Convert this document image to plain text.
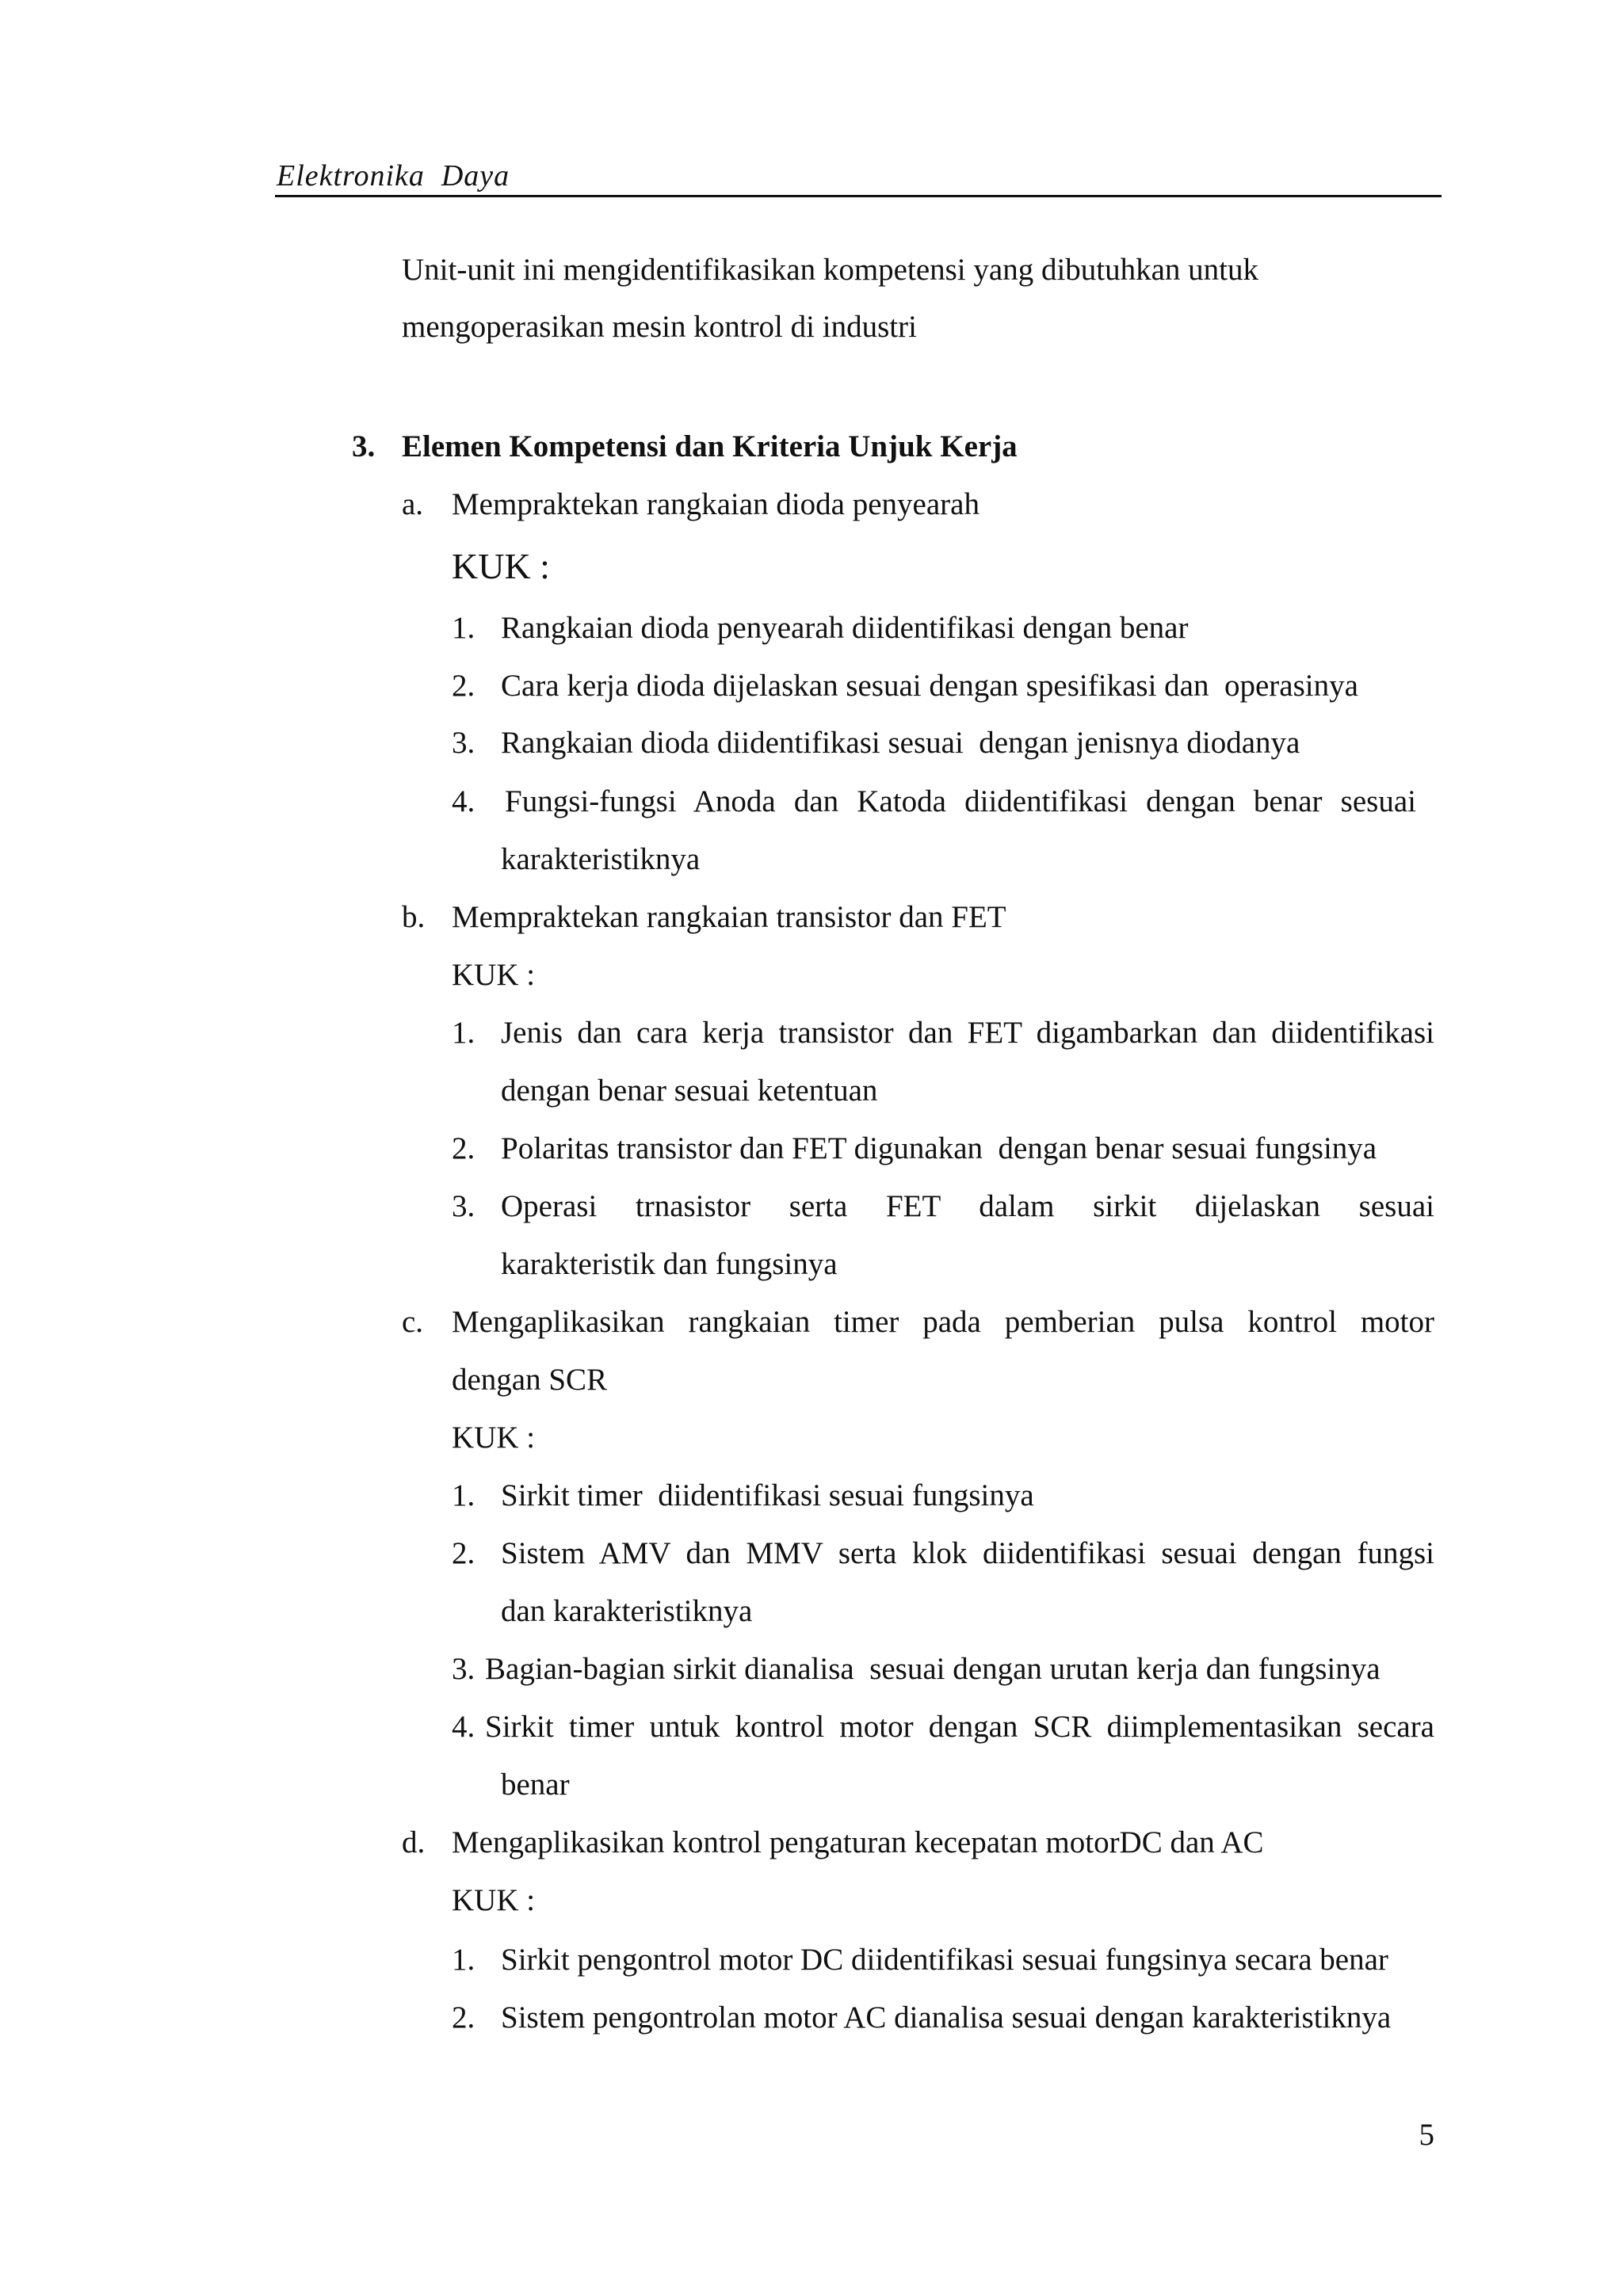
Elektronika  Daya
Unit-unit ini mengidentifikasikan kompetensi yang dibutuhkan untuk
mengoperasikan mesin kontrol di industri
3. Elemen Kompetensi dan Kriteria Unjuk Kerja
a. Mempraktekan rangkaian dioda penyearah
KUK :
1. Rangkaian dioda penyearah diidentifikasi dengan benar
2. Cara kerja dioda dijelaskan sesuai dengan spesifikasi dan  operasinya
3. Rangkaian dioda diidentifikasi sesuai  dengan jenisnya diodanya
4. Fungsi-fungsi Anoda dan Katoda diidentifikasi dengan benar sesuai
karakteristiknya
b. Mempraktekan rangkaian transistor dan FET
KUK :
1. Jenis dan cara kerja transistor dan FET digambarkan dan diidentifikasi
dengan benar sesuai ketentuan
2. Polaritas transistor dan FET digunakan  dengan benar sesuai fungsinya
3. Operasi trnasistor serta FET dalam sirkit dijelaskan sesuai
karakteristik dan fungsinya
c. Mengaplikasikan rangkaian timer pada pemberian pulsa kontrol motor
dengan SCR
KUK :
1. Sirkit timer  diidentifikasi sesuai fungsinya
2. Sistem AMV dan MMV serta klok diidentifikasi sesuai dengan fungsi
dan karakteristiknya
3. Bagian-bagian sirkit dianalisa  sesuai dengan urutan kerja dan fungsinya
4. Sirkit timer untuk kontrol motor dengan SCR diimplementasikan secara
benar
d. Mengaplikasikan kontrol pengaturan kecepatan motorDC dan AC
KUK :
1. Sirkit pengontrol motor DC diidentifikasi sesuai fungsinya secara benar
2. Sistem pengontrolan motor AC dianalisa sesuai dengan karakteristiknya
5
